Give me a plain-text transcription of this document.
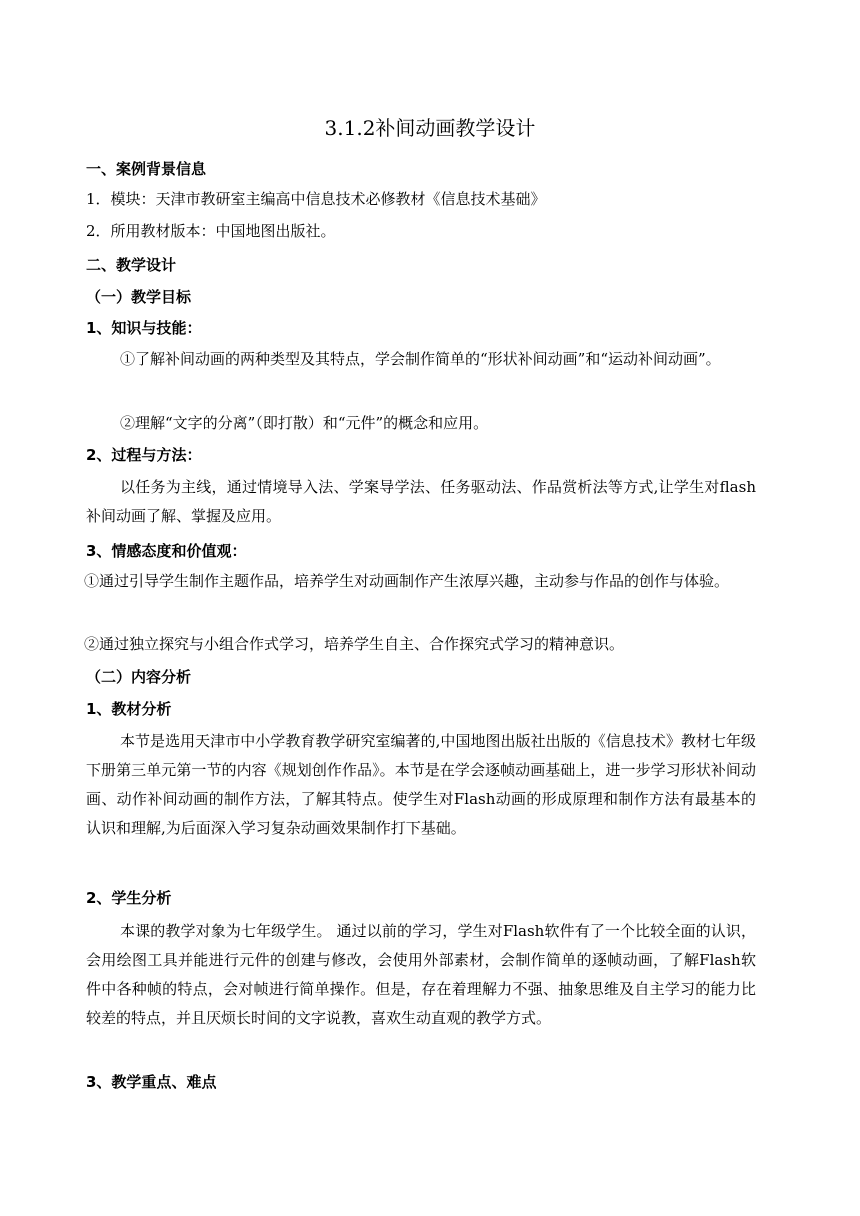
3.1.2补间动画教学设计
一、案例背景信息
1．模块：天津市教研室主编高中信息技术必修教材《信息技术基础》
2．所用教材版本：中国地图出版社。
二、教学设计
（一）教学目标
1、知识与技能：
①了解补间动画的两种类型及其特点，学会制作简单的“形状补间动画”和“运动补间动画”。
②理解“文字的分离”（即打散）和“元件”的概念和应用。
2、过程与方法：
以任务为主线，通过情境导入法、学案导学法、任务驱动法、作品赏析法等方式,让学生对flash补间动画了解、掌握及应用。
3、情感态度和价值观：
①通过引导学生制作主题作品，培养学生对动画制作产生浓厚兴趣，主动参与作品的创作与体验。
②通过独立探究与小组合作式学习，培养学生自主、合作探究式学习的精神意识。
（二）内容分析
1、教材分析
本节是选用天津市中小学教育教学研究室编著的,中国地图出版社出版的《信息技术》教材七年级下册第三单元第一节的内容《规划创作作品》。本节是在学会逐帧动画基础上，进一步学习形状补间动画、动作补间动画的制作方法，了解其特点。使学生对Flash动画的形成原理和制作方法有最基本的认识和理解,为后面深入学习复杂动画效果制作打下基础。
2、学生分析
本课的教学对象为七年级学生。 通过以前的学习，学生对Flash软件有了一个比较全面的认识，会用绘图工具并能进行元件的创建与修改，会使用外部素材，会制作简单的逐帧动画，了解Flash软件中各种帧的特点，会对帧进行简单操作。但是，存在着理解力不强、抽象思维及自主学习的能力比较差的特点，并且厌烦长时间的文字说教，喜欢生动直观的教学方式。
3、教学重点、难点
